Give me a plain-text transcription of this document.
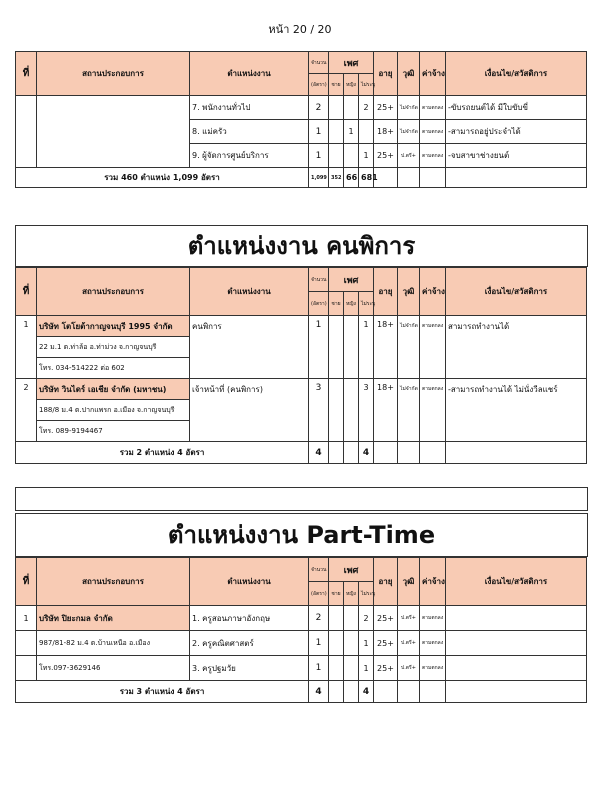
หน้า 20 / 20
ที่	สถานประกอบการ	ตำแหน่งงาน	จำนวน	เพศ			อายุ	วุฒิ	ค่าจ้าง	เงื่อนไข/สวัสดิการ
			(อัตรา)	ชาย	หญิง	ไม่ระบุ				
		7. พนักงานทั่วไป	2			2	25+	ไม่จำกัด	ตามตกลง	-ขับรถยนต์ได้ มีใบขับขี่
		8. แม่ครัว	1		1		18+	ไม่จำกัด	ตามตกลง	-สามารถอยู่ประจำได้
		9. ผู้จัดการศูนย์บริการ	1			1	25+	ป.ตรี+	ตามตกลง	-จบสาขาช่างยนต์
รวม 460 ตำแหน่ง 1,099 อัตรา			1,099	352	66	681				
ตำแหน่งงาน คนพิการ
ที่	สถานประกอบการ	ตำแหน่งงาน	จำนวน	เพศ			อายุ	วุฒิ	ค่าจ้าง	เงื่อนไข/สวัสดิการ
			(อัตรา)	ชาย	หญิง	ไม่ระบุ				
1	บริษัท โตโยต้ากาญจนบุรี 1995 จำกัด	คนพิการ	1			1	18+	ไม่จำกัด	ตามตกลง	สามารถทำงานได้
	22 ม.1 ต.ท่าล้อ อ.ท่าม่วง จ.กาญจนบุรี									
	โทร. 034-514222 ต่อ 602									
2	บริษัท วินไดร์ เอเชีย จำกัด (มหาชน)	เจ้าหน้าที่ (คนพิการ)	3			3	18+	ไม่จำกัด	ตามตกลง	-สามารถทำงานได้ ไม่นั่งวีลแชร์
	188/8 ม.4 ต.ปากแพรก อ.เมือง จ.กาญจนบุรี									
	โทร. 089-9194467									
รวม 2 ตำแหน่ง 4 อัตรา			4			4				
ตำแหน่งงาน Part-Time
ที่	สถานประกอบการ	ตำแหน่งงาน	จำนวน	เพศ			อายุ	วุฒิ	ค่าจ้าง	เงื่อนไข/สวัสดิการ
			(อัตรา)	ชาย	หญิง	ไม่ระบุ				
1	บริษัท ปิยะกมล จำกัด	1. ครูสอนภาษาอังกฤษ	2			2	25+	ป.ตรี+	ตามตกลง	
	987/81-82 ม.4 ต.บ้านเหนือ อ.เมือง	2. ครูคณิตศาสตร์	1			1	25+	ป.ตรี+	ตามตกลง	
	โทร.097-3629146	3. ครูปฐมวัย	1			1	25+	ป.ตรี+	ตามตกลง	
รวม 3 ตำแหน่ง 4 อัตรา			4			4				
